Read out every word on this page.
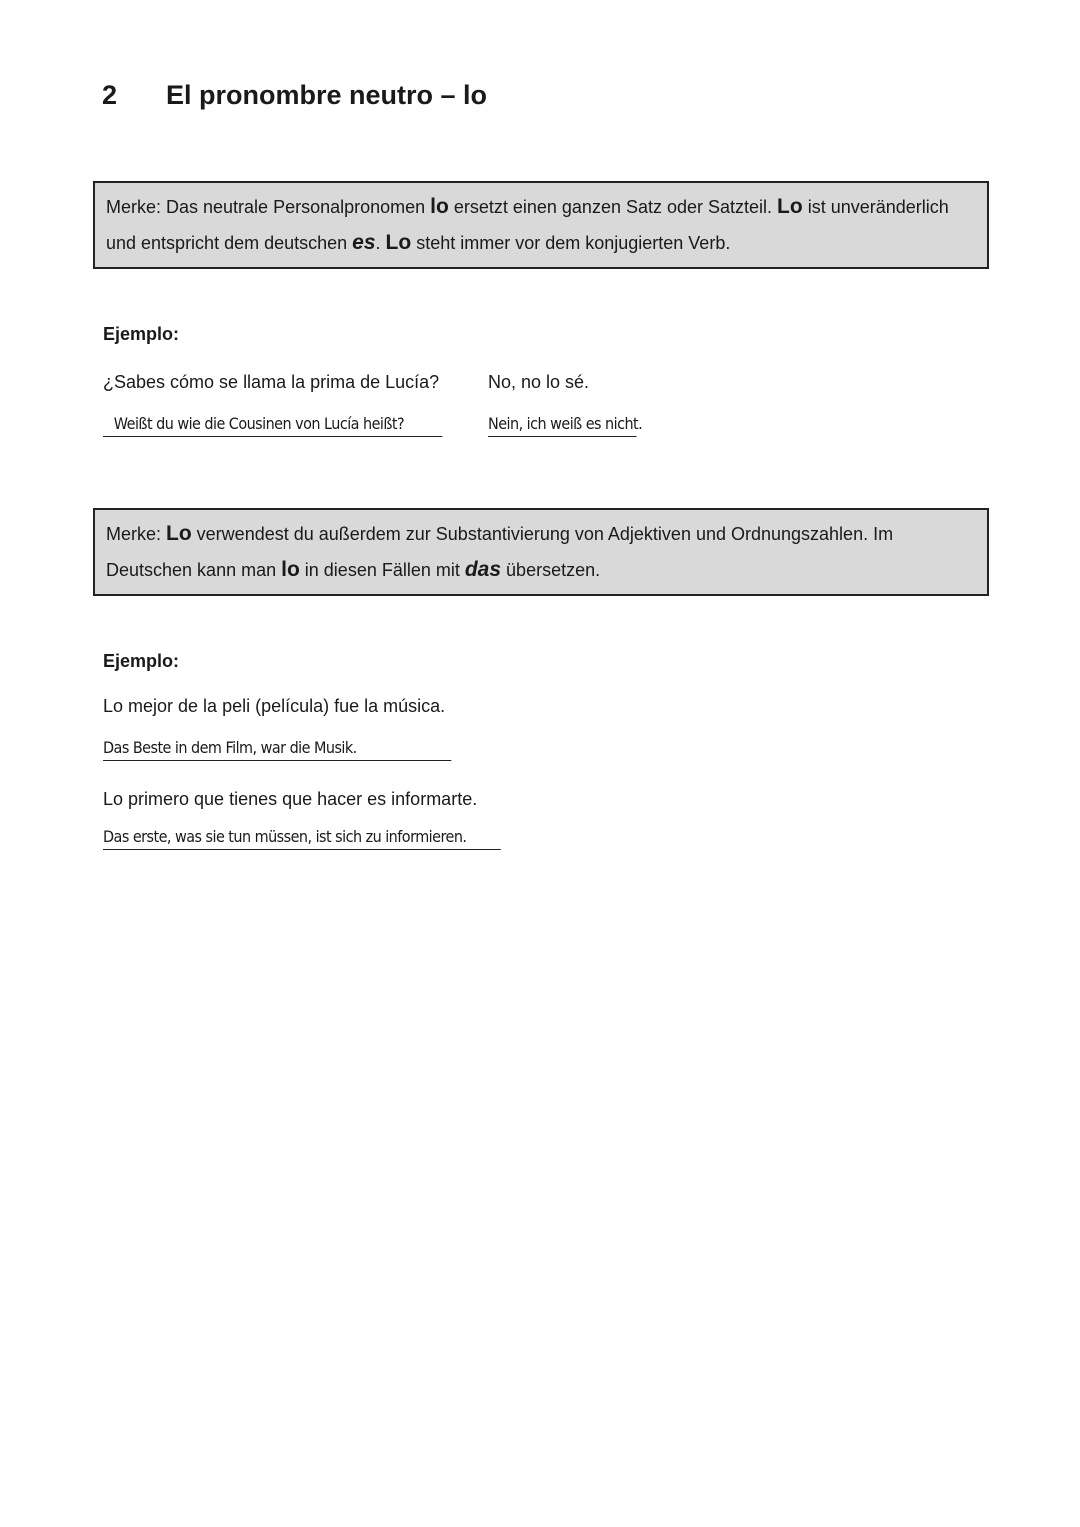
2 El pronombre neutro – lo
Merke: Das neutrale Personalpronomen lo ersetzt einen ganzen Satz oder Satzteil. Lo ist unveränderlich und entspricht dem deutschen es. Lo steht immer vor dem konjugierten Verb.
Ejemplo:
¿Sabes cómo se llama la prima de Lucía?	No, no lo sé.
Weißt du wie die Cousinen von Lucía heißt?	Nein, ich weiß es nicht.
Merke: Lo verwendest du außerdem zur Substantivierung von Adjektiven und Ordnungszahlen. Im Deutschen kann man lo in diesen Fällen mit das übersetzen.
Ejemplo:
Lo mejor de la peli (película) fue la música.
Das Beste in dem Film, war die Musik.
Lo primero que tienes que hacer es informarte.
Das erste, was sie tun müssen, ist sich zu informieren.
